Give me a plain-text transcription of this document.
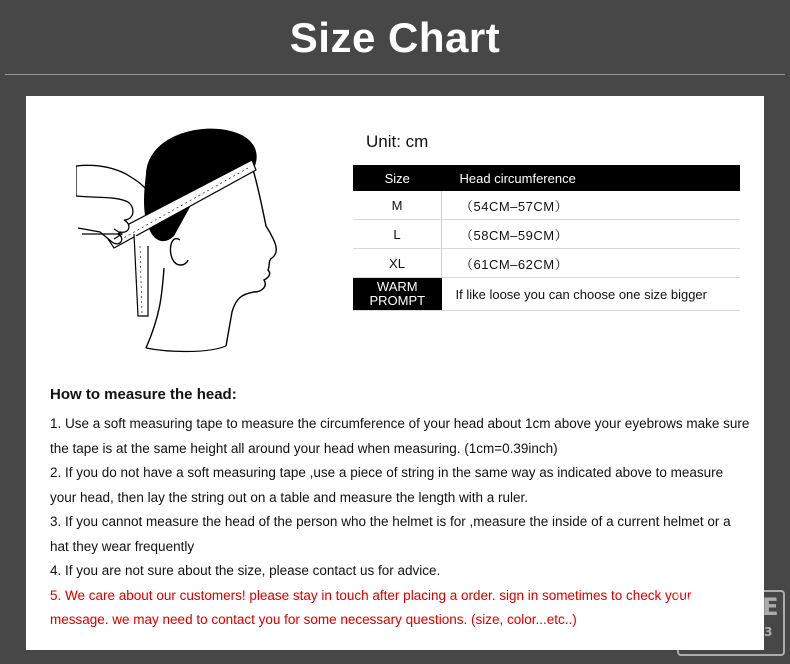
Size Chart
Unit: cm
Size	Head circumference
M	（54CM–57CM）
L	（58CM–59CM）
XL	（61CM–62CM）

WARM
PROMPT	If like loose you can choose one size bigger
How to measure the head:

1. Use a soft measuring tape to measure the circumference of your head about 1cm above your eyebrows make sure the tape is at the same height all around your head when measuring. (1cm=0.39inch)

2. If you do not have a soft measuring tape ,use a piece of string in the same way as indicated above to measure your head, then lay the string out on a table and measure the length with a ruler.

3. If you cannot measure the head of the person who the helmet is for ,measure the inside of a current helmet or a hat they wear frequently

4. If you are not sure about the size, please contact us for advice.

5. We care about our customers! please stay in touch after placing a order. sign in sometimes to check your message. we may need to contact you for some necessary questions. (size, color...etc..)	STORE
NO.1220383
